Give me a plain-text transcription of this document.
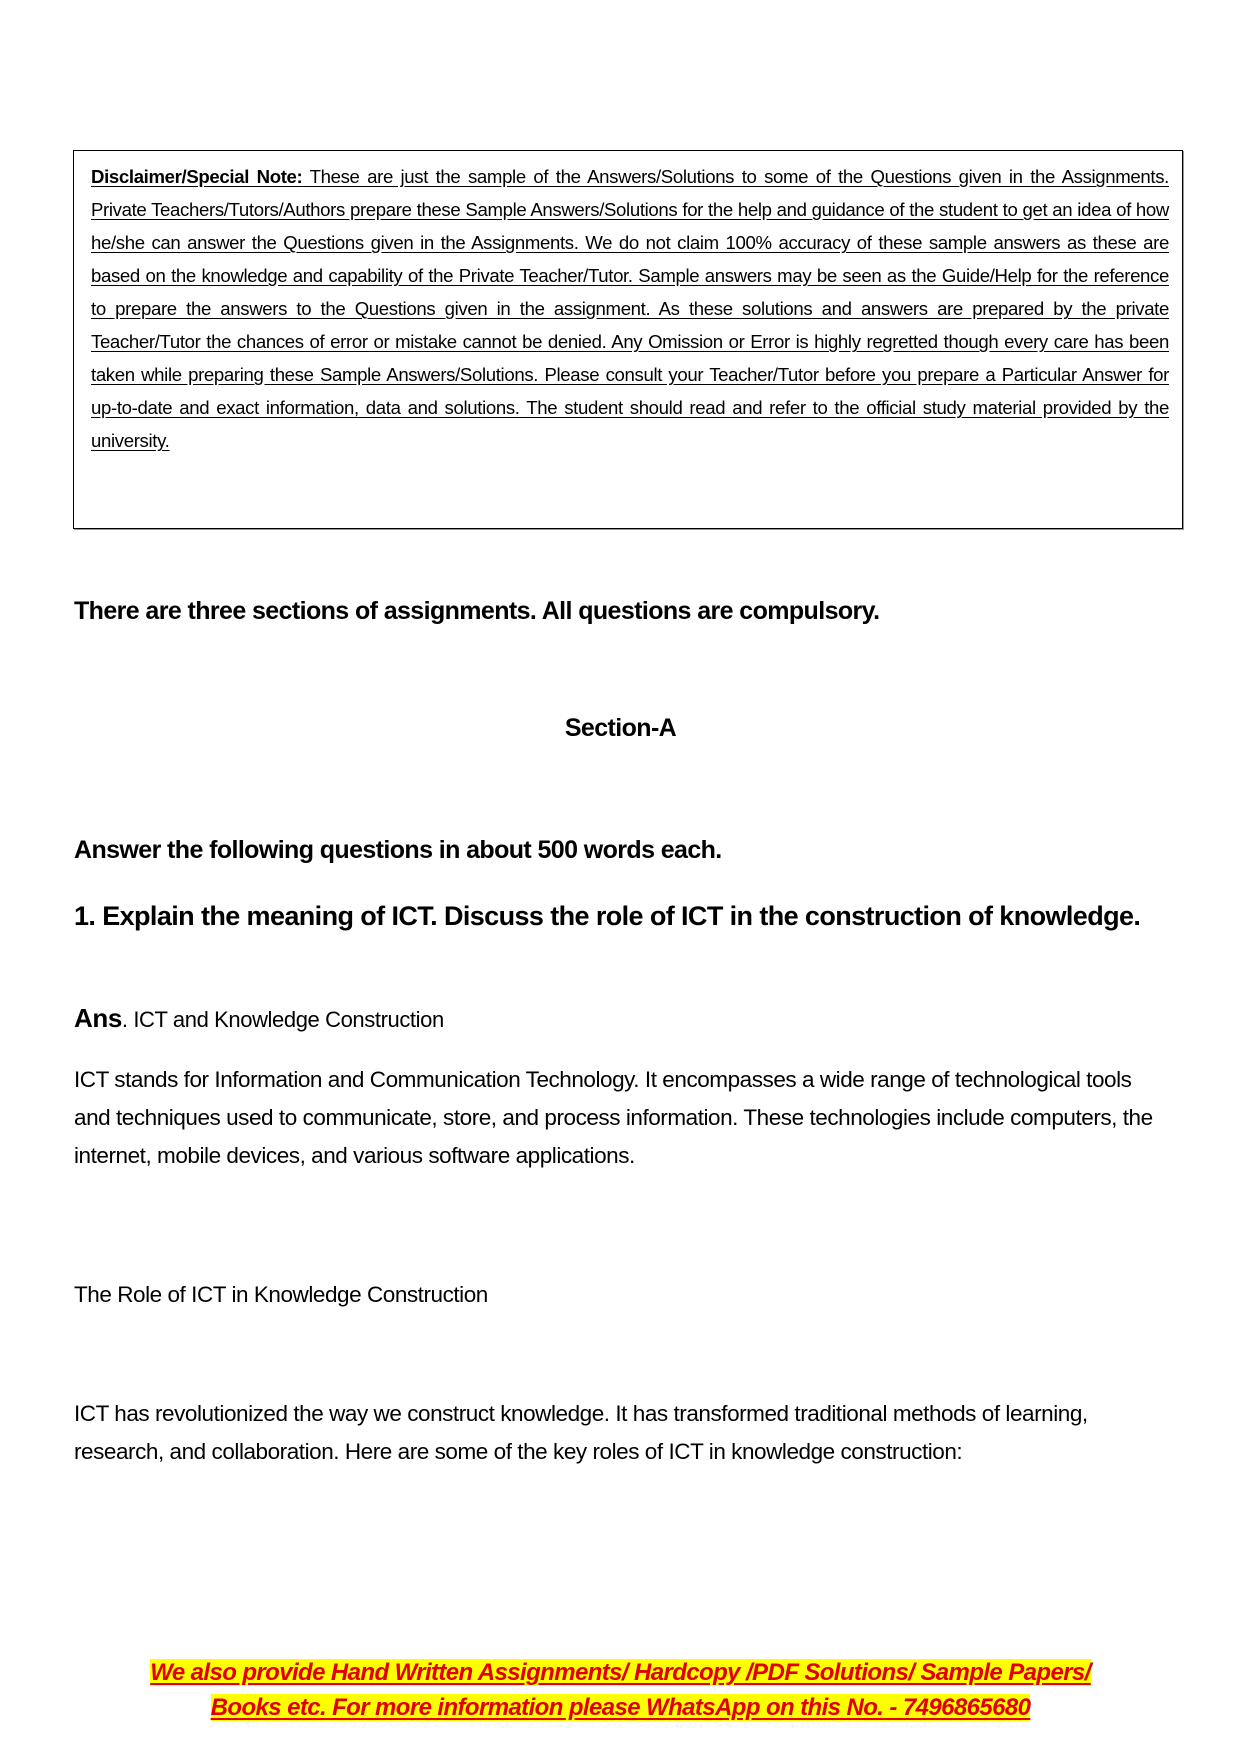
Disclaimer/Special Note: These are just the sample of the Answers/Solutions to some of the Questions given in the Assignments. Private Teachers/Tutors/Authors prepare these Sample Answers/Solutions for the help and guidance of the student to get an idea of how he/she can answer the Questions given in the Assignments. We do not claim 100% accuracy of these sample answers as these are based on the knowledge and capability of the Private Teacher/Tutor. Sample answers may be seen as the Guide/Help for the reference to prepare the answers to the Questions given in the assignment. As these solutions and answers are prepared by the private Teacher/Tutor the chances of error or mistake cannot be denied. Any Omission or Error is highly regretted though every care has been taken while preparing these Sample Answers/Solutions. Please consult your Teacher/Tutor before you prepare a Particular Answer for up-to-date and exact information, data and solutions. The student should read and refer to the official study material provided by the university.
There are three sections of assignments. All questions are compulsory.
Section-A
Answer the following questions in about 500 words each.
1. Explain the meaning of ICT. Discuss the role of ICT in the construction of knowledge.
Ans. ICT and Knowledge Construction
ICT stands for Information and Communication Technology. It encompasses a wide range of technological tools and techniques used to communicate, store, and process information. These technologies include computers, the internet, mobile devices, and various software applications.
The Role of ICT in Knowledge Construction
ICT has revolutionized the way we construct knowledge. It has transformed traditional methods of learning, research, and collaboration. Here are some of the key roles of ICT in knowledge construction:
We also provide Hand Written Assignments/ Hardcopy /PDF Solutions/ Sample Papers/
Books etc. For more information please WhatsApp on this No. - 7496865680
